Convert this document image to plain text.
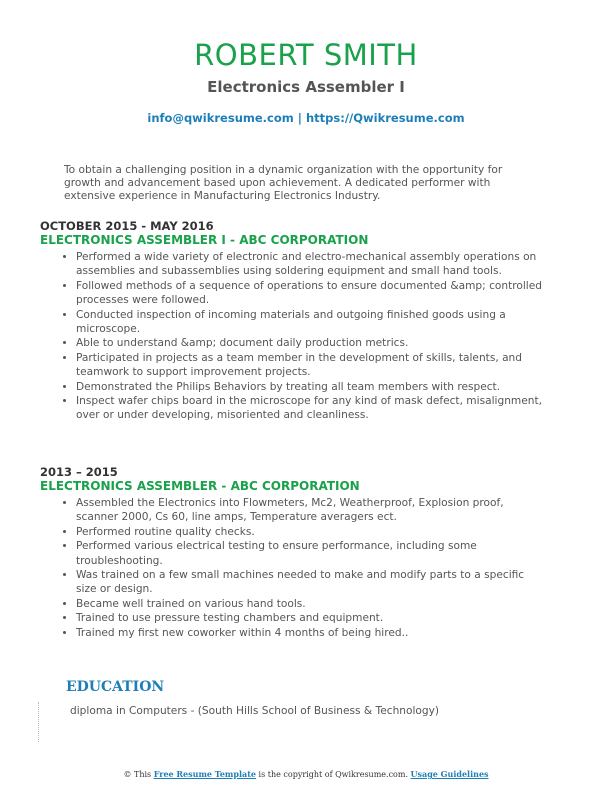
ROBERT SMITH
Electronics Assembler I
info@qwikresume.com | https://Qwikresume.com
To obtain a challenging position in a dynamic organization with the opportunity for growth and advancement based upon achievement. A dedicated performer with extensive experience in Manufacturing Electronics Industry.
OCTOBER 2015 - MAY 2016
ELECTRONICS ASSEMBLER I - ABC CORPORATION
• Performed a wide variety of electronic and electro-mechanical assembly operations on assemblies and subassemblies using soldering equipment and small hand tools.
• Followed methods of a sequence of operations to ensure documented &amp; controlled processes were followed.
• Conducted inspection of incoming materials and outgoing finished goods using a microscope.
• Able to understand &amp; document daily production metrics.
• Participated in projects as a team member in the development of skills, talents, and teamwork to support improvement projects.
• Demonstrated the Philips Behaviors by treating all team members with respect.
• Inspect wafer chips board in the microscope for any kind of mask defect, misalignment, over or under developing, misoriented and cleanliness.
2013 – 2015
ELECTRONICS ASSEMBLER - ABC CORPORATION
• Assembled the Electronics into Flowmeters, Mc2, Weatherproof, Explosion proof, scanner 2000, Cs 60, line amps, Temperature averagers ect.
• Performed routine quality checks.
• Performed various electrical testing to ensure performance, including some troubleshooting.
• Was trained on a few small machines needed to make and modify parts to a specific size or design.
• Became well trained on various hand tools.
• Trained to use pressure testing chambers and equipment.
• Trained my first new coworker within 4 months of being hired..
EDUCATION
diploma in Computers - (South Hills School of Business & Technology)
© This Free Resume Template is the copyright of Qwikresume.com. Usage Guidelines
